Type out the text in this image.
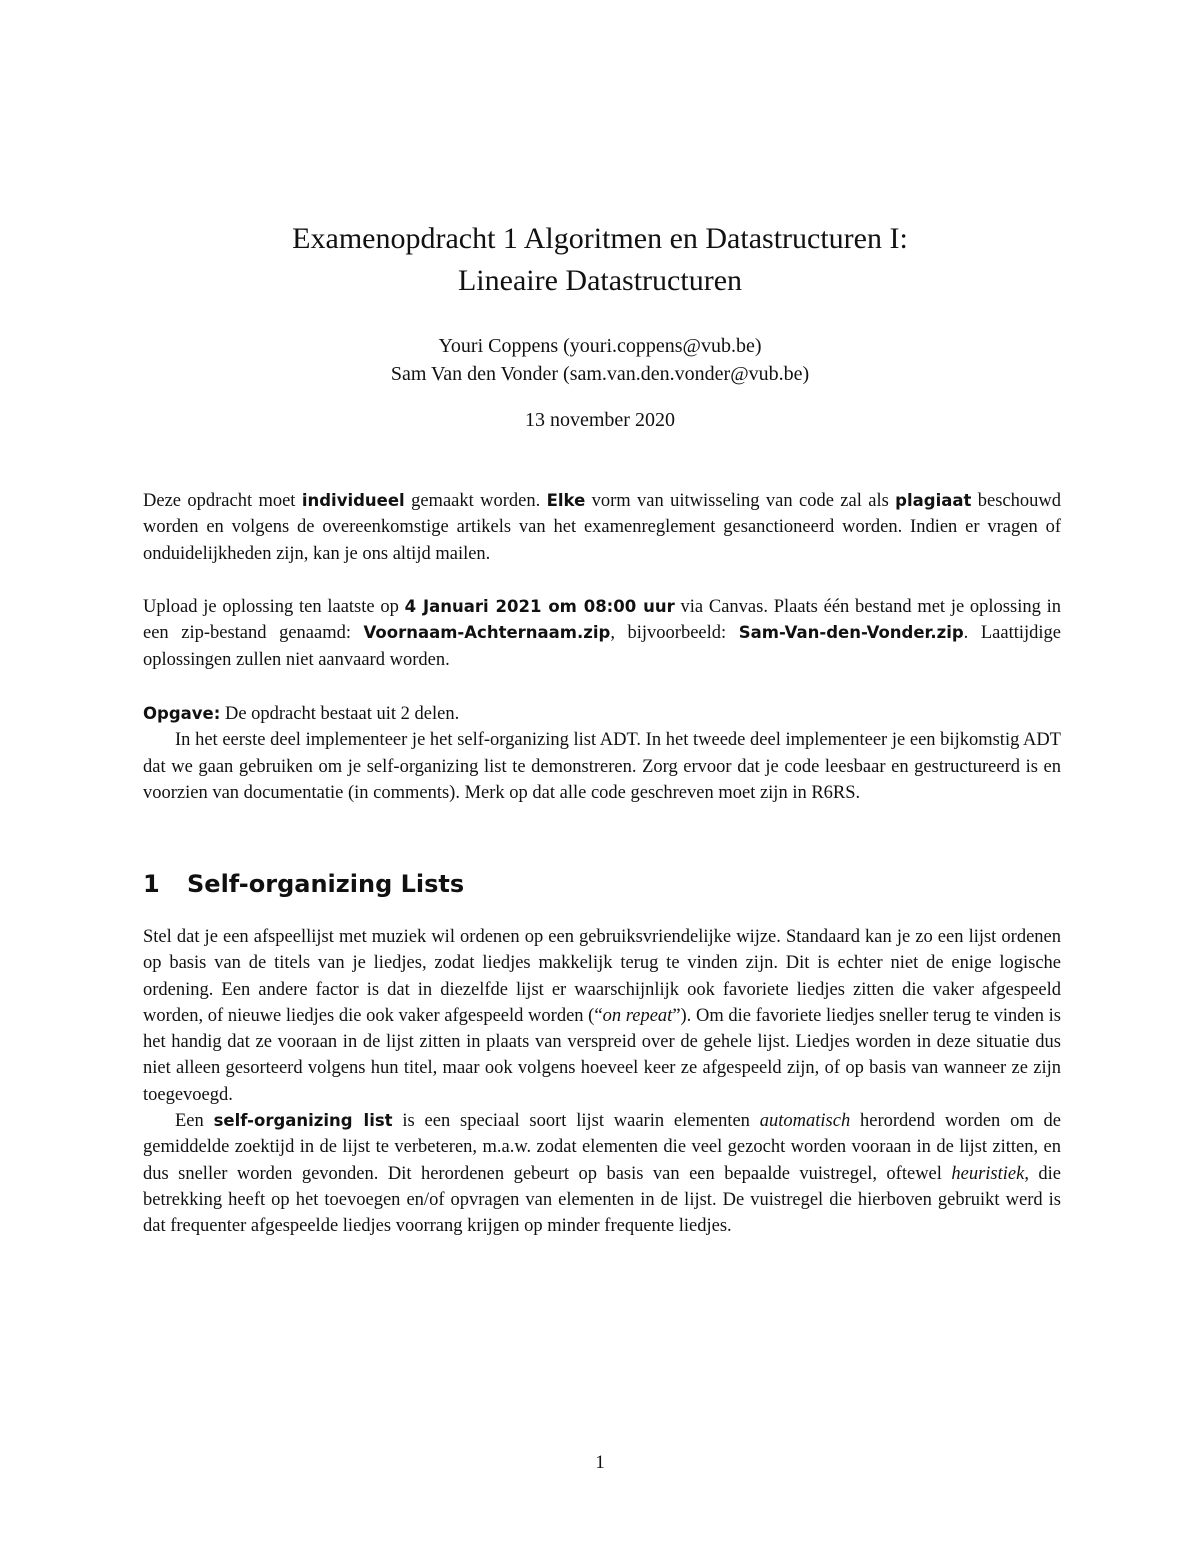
Examenopdracht 1 Algoritmen en Datastructuren I:
Lineaire Datastructuren
Youri Coppens (youri.coppens@vub.be)
Sam Van den Vonder (sam.van.den.vonder@vub.be)
13 november 2020

Deze opdracht moet individueel gemaakt worden. Elke vorm van uitwisseling van code zal als plagiaat beschouwd worden en volgens de overeenkomstige artikels van het examenreglement gesanctioneerd worden. Indien er vragen of onduidelijkheden zijn, kan je ons altijd mailen.

Upload je oplossing ten laatste op 4 Januari 2021 om 08:00 uur via Canvas. Plaats één bestand met je oplossing in een zip-bestand genaamd: Voornaam-Achternaam.zip, bijvoorbeeld: Sam-Van-den-Vonder.zip. Laattijdige oplossingen zullen niet aanvaard worden.

Opgave: De opdracht bestaat uit 2 delen.

In het eerste deel implementeer je het self-organizing list ADT. In het tweede deel implementeer je een bijkomstig ADT dat we gaan gebruiken om je self-organizing list te demonstreren. Zorg ervoor dat je code leesbaar en gestructureerd is en voorzien van documentatie (in comments). Merk op dat alle code geschreven moet zijn in R6RS.

1 Self-organizing Lists

Stel dat je een afspeellijst met muziek wil ordenen op een gebruiksvriendelijke wijze. Standaard kan je zo een lijst ordenen op basis van de titels van je liedjes, zodat liedjes makkelijk terug te vinden zijn. Dit is echter niet de enige logische ordening. Een andere factor is dat in diezelfde lijst er waarschijnlijk ook favoriete liedjes zitten die vaker afgespeeld worden, of nieuwe liedjes die ook vaker afgespeeld worden (“on repeat”). Om die favoriete liedjes sneller terug te vinden is het handig dat ze vooraan in de lijst zitten in plaats van verspreid over de gehele lijst. Liedjes worden in deze situatie dus niet alleen gesorteerd volgens hun titel, maar ook volgens hoeveel keer ze afgespeeld zijn, of op basis van wanneer ze zijn toegevoegd.

Een self-organizing list is een speciaal soort lijst waarin elementen automatisch herordend worden om de gemiddelde zoektijd in de lijst te verbeteren, m.a.w. zodat elementen die veel gezocht worden vooraan in de lijst zitten, en dus sneller worden gevonden. Dit herordenen gebeurt op basis van een bepaalde vuistregel, oftewel heuristiek, die betrekking heeft op het toevoegen en/of opvragen van elementen in de lijst. De vuistregel die hierboven gebruikt werd is dat frequenter afgespeelde liedjes voorrang krijgen op minder frequente liedjes.

1
